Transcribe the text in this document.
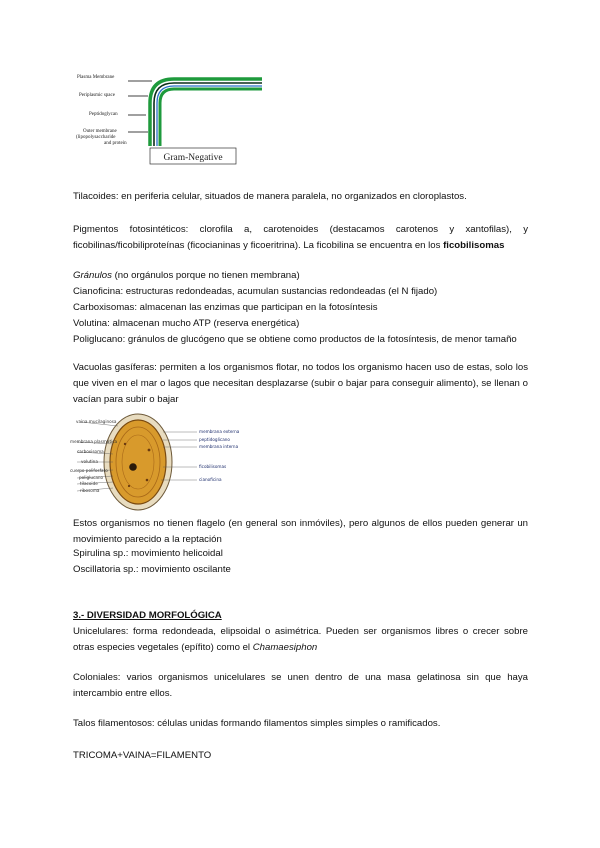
Plasma Membrane
Periplasmic space
Peptidoglycan
Outer membrane
(lipopolysaccharide
and protein
Gram-Negative

Tilacoides: en periferia celular, situados de manera paralela, no organizados en cloroplastos.

Pigmentos fotosintéticos: clorofila a, carotenoides (destacamos carotenos y xantofilas), y

ficobilinas/ficobiliproteínas (ficocianinas y ficoeritrina). La ficobilina se encuentra en los ficobilisomas

Gránulos (no orgánulos porque no tienen membrana)

Cianoficina: estructuras redondeadas, acumulan sustancias redondeadas (el N fijado)

Carboxisomas: almacenan las enzimas que participan en la fotosíntesis

Volutina: almacenan mucho ATP (reserva energética)

Poliglucano: gránulos de glucógeno que se obtiene como productos de la fotosíntesis, de menor tamaño

Vacuolas gasíferas: permiten a los organismos flotar, no todos los organismo hacen uso de estas, solo los que viven en el mar o lagos que necesitan desplazarse (subir o bajar para conseguir alimento), se llenan o vacían para subir o bajar

vaina mucilaginosa
membrana plasmática
carboxisoma
volutina
cuerpo polifosfato
poliglucano
tilacoide
ribosoma
membrana externa
peptidoglicano
membrana interna
ficobilisomas
cianoficina

Estos organismos no tienen flagelo (en general son inmóviles), pero algunos de ellos pueden generar un movimiento parecido a la reptación

Spirulina sp.: movimiento helicoidal

Oscillatoria sp.: movimiento oscilante

3.- DIVERSIDAD MORFOLÓGICA

Unicelulares: forma redondeada, elipsoidal o asimétrica. Pueden ser organismos libres o crecer sobre otras especies vegetales (epífito) como el Chamaesiphon

Coloniales: varios organismos unicelulares se unen dentro de una masa gelatinosa sin que haya intercambio entre ellos.

Talos filamentosos: células unidas formando filamentos simples simples o ramificados.

TRICOMA+VAINA=FILAMENTO
